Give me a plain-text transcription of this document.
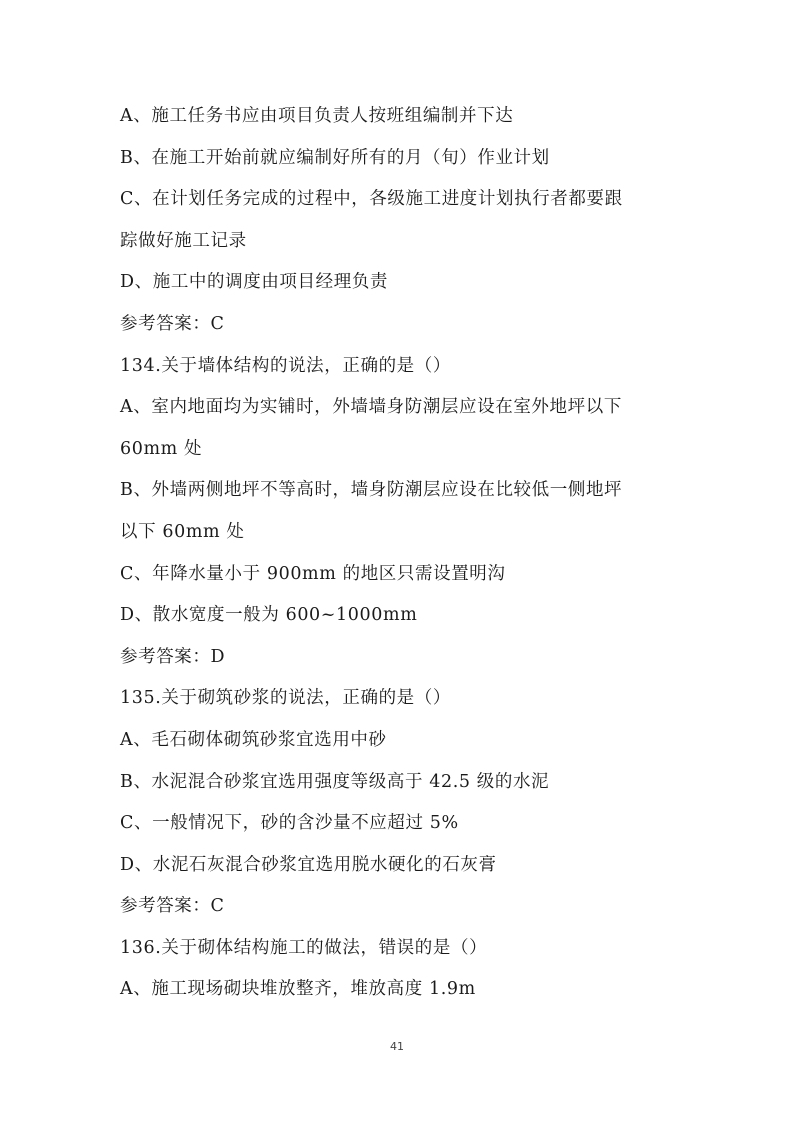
A、施工任务书应由项目负责人按班组编制并下达
B、在施工开始前就应编制好所有的月（旬）作业计划
C、在计划任务完成的过程中，各级施工进度计划执行者都要跟
踪做好施工记录
D、施工中的调度由项目经理负责
参考答案：C
134.关于墙体结构的说法，正确的是（）
A、室内地面均为实铺时，外墙墙身防潮层应设在室外地坪以下
60mm 处
B、外墙两侧地坪不等高时，墙身防潮层应设在比较低一侧地坪
以下 60mm 处
C、年降水量小于 900mm 的地区只需设置明沟
D、散水宽度一般为 600~1000mm
参考答案：D
135.关于砌筑砂浆的说法，正确的是（）
A、毛石砌体砌筑砂浆宜选用中砂
B、水泥混合砂浆宜选用强度等级高于 42.5 级的水泥
C、一般情况下，砂的含沙量不应超过 5%
D、水泥石灰混合砂浆宜选用脱水硬化的石灰膏
参考答案：C
136.关于砌体结构施工的做法，错误的是（）
A、施工现场砌块堆放整齐，堆放高度 1.9m
41
